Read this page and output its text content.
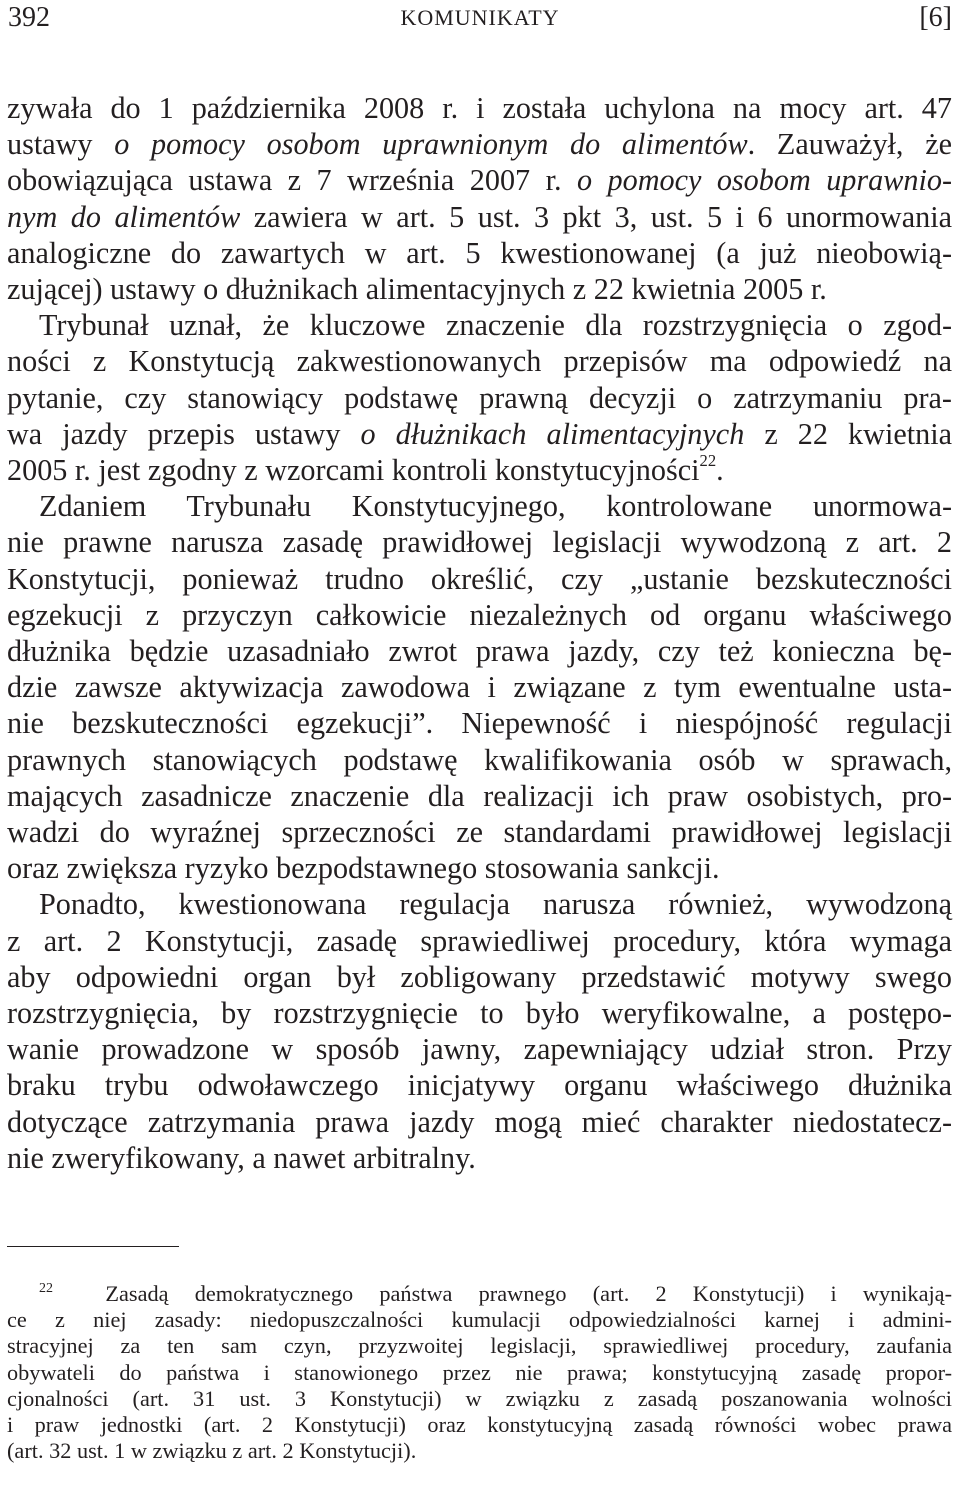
392	KOMUNIKATY	[6]

zywała do 1 października 2008 r. i została uchylona na mocy art. 47

ustawy o pomocy osobom uprawnionym do alimentów. Zauważył, że

obowiązująca ustawa z 7 września 2007 r. o pomocy osobom uprawnio-

nym do alimentów zawiera w art. 5 ust. 3 pkt 3, ust. 5 i 6 unormowania

analogiczne do zawartych w art. 5 kwestionowanej (a już nieobowią-

zującej) ustawy o dłużnikach alimentacyjnych z 22 kwietnia 2005 r.

Trybunał uznał, że kluczowe znaczenie dla rozstrzygnięcia o zgod-

ności z Konstytucją zakwestionowanych przepisów ma odpowiedź na

pytanie, czy stanowiący podstawę prawną decyzji o zatrzymaniu pra-

wa jazdy przepis ustawy o dłużnikach alimentacyjnych z 22 kwietnia

2005 r. jest zgodny z wzorcami kontroli konstytucyjności$^{22}$.

Zdaniem Trybunału Konstytucyjnego, kontrolowane unormowa-

nie prawne narusza zasadę prawidłowej legislacji wywodzoną z art. 2

Konstytucji, ponieważ trudno określić, czy „ustanie bezskuteczności

egzekucji z przyczyn całkowicie niezależnych od organu właściwego

dłużnika będzie uzasadniało zwrot prawa jazdy, czy też konieczna bę-

dzie zawsze aktywizacja zawodowa i związane z tym ewentualne usta-

nie bezskuteczności egzekucji”. Niepewność i niespójność regulacji

prawnych stanowiących podstawę kwalifikowania osób w sprawach,

mających zasadnicze znaczenie dla realizacji ich praw osobistych, pro-

wadzi do wyraźnej sprzeczności ze standardami prawidłowej legislacji

oraz zwiększa ryzyko bezpodstawnego stosowania sankcji.

Ponadto, kwestionowana regulacja narusza również, wywodzoną

z art. 2 Konstytucji, zasadę sprawiedliwej procedury, która wymaga

aby odpowiedni organ był zobligowany przedstawić motywy swego

rozstrzygnięcia, by rozstrzygnięcie to było weryfikowalne, a postępo-

wanie prowadzone w sposób jawny, zapewniający udział stron. Przy

braku trybu odwoławczego inicjatywy organu właściwego dłużnika

dotyczące zatrzymania prawa jazdy mogą mieć charakter niedostatecz-

nie zweryfikowany, a nawet arbitralny.

$^{22}$ Zasadą demokratycznego państwa prawnego (art. 2 Konstytucji) i wynikają-

ce z niej zasady: niedopuszczalności kumulacji odpowiedzialności karnej i admini-

stracyjnej za ten sam czyn, przyzwoitej legislacji, sprawiedliwej procedury, zaufania

obywateli do państwa i stanowionego przez nie prawa; konstytucyjną zasadę propor-

cjonalności (art. 31 ust. 3 Konstytucji) w związku z zasadą poszanowania wolności

i praw jednostki (art. 2 Konstytucji) oraz konstytucyjną zasadą równości wobec prawa

(art. 32 ust. 1 w związku z art. 2 Konstytucji).
